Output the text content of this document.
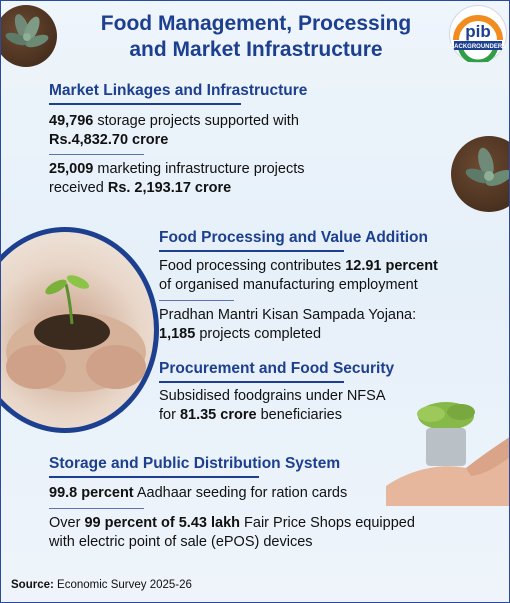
Food Management, Processing
and Market Infrastructure
pib
BACKGROUNDERS
Market Linkages and Infrastructure
49,796 storage projects supported with
Rs.4,832.70 crore
25,009 marketing infrastructure projects
received Rs. 2,193.17 crore
Food Processing and Value Addition
Food processing contributes 12.91 percent
of organised manufacturing employment
Pradhan Mantri Kisan Sampada Yojana:
1,185 projects completed
Procurement and Food Security
Subsidised foodgrains under NFSA
for 81.35 crore beneficiaries
Storage and Public Distribution System
99.8 percent Aadhaar seeding for ration cards
Over 99 percent of 5.43 lakh Fair Price Shops equipped
with electric point of sale (ePOS) devices
Source: Economic Survey 2025-26
